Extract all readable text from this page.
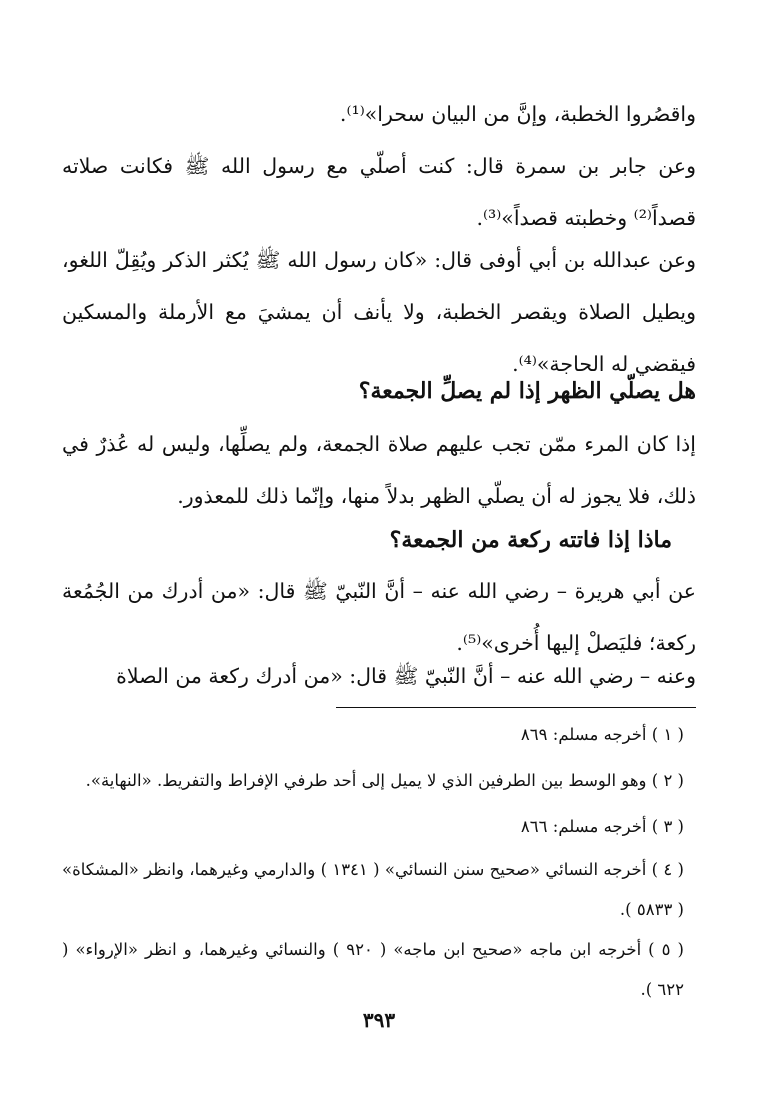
واقصُروا الخطبة، وإنَّ من البيان سحرا»⁽¹⁾.

وعن جابر بن سمرة قال: كنت أصلّي مع رسول الله ﷺ فكانت صلاته قصداً⁽²⁾ وخطبته قصداً»⁽³⁾.

وعن عبدالله بن أبي أوفى قال: «كان رسول الله ﷺ يُكثر الذكر ويُقِلّ اللغو، ويطيل الصلاة ويقصر الخطبة، ولا يأنف أن يمشيَ مع الأرملة والمسكين فيقضي له الحاجة»⁽⁴⁾.

هل يصلّي الظهر إذا لم يصلِّ الجمعة؟

إذا كان المرء ممّن تجب عليهم صلاة الجمعة، ولم يصلِّها، وليس له عُذرٌ في ذلك، فلا يجوز له أن يصلّي الظهر بدلاً منها، وإنّما ذلك للمعذور.

ماذا إذا فاتته ركعة من الجمعة؟

عن أبي هريرة – رضي الله عنه – أنَّ النّبيّ ﷺ قال: «من أدرك من الجُمُعة ركعة؛ فليَصلْ إليها أُخرى»⁽⁵⁾.

وعنه – رضي الله عنه – أنَّ النّبيّ ﷺ قال: «من أدرك ركعة من الصلاة

( ١ ) أخرجه مسلم: ٨٦٩

( ٢ ) وهو الوسط بين الطرفين الذي لا يميل إلى أحد طرفي الإفراط والتفريط. «النهاية».

( ٣ ) أخرجه مسلم: ٨٦٦

( ٤ ) أخرجه النسائي «صحيح سنن النسائي» ( ١٣٤١ ) والدارمي وغيرهما، وانظر «المشكاة» ( ٥٨٣٣ ).

( ٥ ) أخرجه ابن ماجه «صحيح ابن ماجه» ( ٩٢٠ ) والنسائي وغيرهما، و انظر «الإرواء» ( ٦٢٢ ).

٣٩٣
